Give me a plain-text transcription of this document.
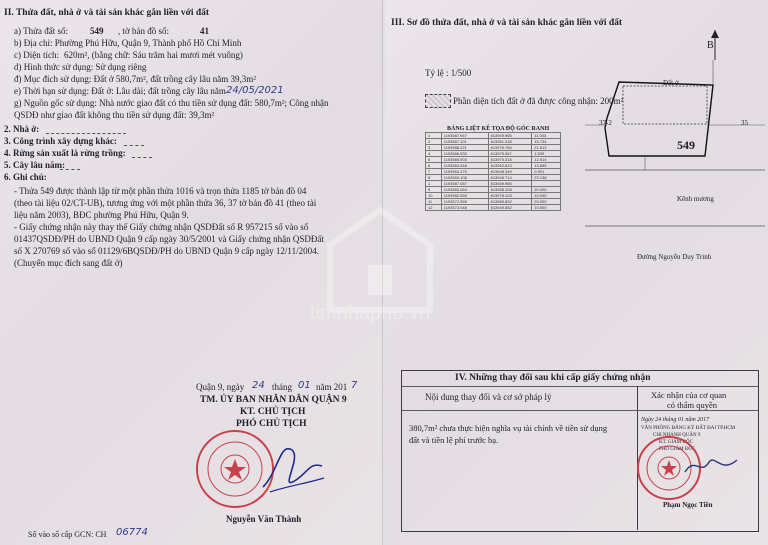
II. Thửa đất, nhà ở và tài sản khác gắn liền với đất
a) Thửa đất số: 549 , tờ bản đồ số:	41
b) Địa chỉ: Phường Phú Hữu, Quận 9, Thành phố Hồ Chí Minh
c) Diện tích: 620m², (bằng chữ: Sáu trăm hai mươi mét vuông)
d) Hình thức sử dụng: Sử dụng riêng
đ) Mục đích sử dụng: Đất ở 580,7m², đất trồng cây lâu năm 39,3m²
e) Thời hạn sử dụng: Đất ở: Lâu dài; đất trồng cây lâu năm 24/05/2021
g) Nguồn gốc sử dụng: Nhà nước giao đất có thu tiền sử dụng đất: 580,7m²; Công nhận
QSDĐ như giao đất không thu tiền sử dụng đất: 39,3m²
2. Nhà ở:
3. Công trình xây dựng khác:
4. Rừng sản xuất là rừng trồng:
5. Cây lâu năm:
6. Ghi chú:
- Thửa 549 được thành lập từ một phần thửa 1016 và trọn thửa 1185 tờ bản đồ 04
(theo tài liệu 02/CT-UB), tương ứng với một phần thửa 36, 37 tờ bản đồ 41 (theo tài
liệu năm 2003), BĐC phường Phú Hữu, Quận 9.
- Giấy chứng nhận này thay thế Giấy chứng nhận QSDĐất số R 957215 số vào sổ
01437QSDĐ/PH do UBND Quận 9 cấp ngày 30/5/2001 và Giấy chứng nhận QSDĐất
số X 270769 số vào sổ 01129/6BQSDĐ/PH do UBND Quận 9 cấp ngày 12/11/2004.
(Chuyển mục đích sang đất ở)
Quận 9, ngày 24 tháng 01 năm 201 7
TM. ỦY BAN NHÂN DÂN QUẬN 9
KT. CHỦ TỊCH
PHÓ CHỦ TỊCH
Nguyễn Văn Thành
Số vào sổ cấp GCN: CH 06774
III. Sơ đồ thửa đất, nhà ở và tài sản khác gắn liền với đất
Tỷ lệ : 1/500
Phần diện tích đất ở đã được công nhận: 200m²
BẢNG LIỆT KÊ TỌA ĐỘ GÓC RANH
1	1193587.067	613949.965	11.003
2	1193587.101	613961.018	15.734
3	1193588.221	613976.766	21.613
4	1193566.535	613975.567	1.539
5	1193565.003	613975.318	12.914
6	1193564.548	613962.613	13.895
7	1193564.175	613948.349	0.901
8	1193565.108	613948.714	22.138
1	1193587.067	613949.965	
9	1193583.064	613958.108	20.000
10	1193582.556	613978.103	10.000
11	1193572.556	613969.832	20.000
12	1193573.048	613949.852	10.000
B
Đất ở
37-2	35
549
Kênh mương
Đường Nguyễn Duy Trinh
IV. Những thay đổi sau khi cấp giấy chứng nhận
Nội dung thay đổi và cơ sở pháp lý	Xác nhận của cơ quan
có thẩm quyền
380,7m² chưa thực hiện nghĩa vụ tài chính về tiền sử dụng
đất và tiền lệ phí trước bạ.
Ngày 24 tháng 01 năm 2017
VĂN PHÒNG ĐĂNG KÝ ĐẤT ĐAI TP.HCM
CHI NHÁNH QUẬN 9
KT. GIÁM ĐỐC
PHÓ GIÁM ĐỐC
Phạm Ngọc Tiền
timnhapho.vn
